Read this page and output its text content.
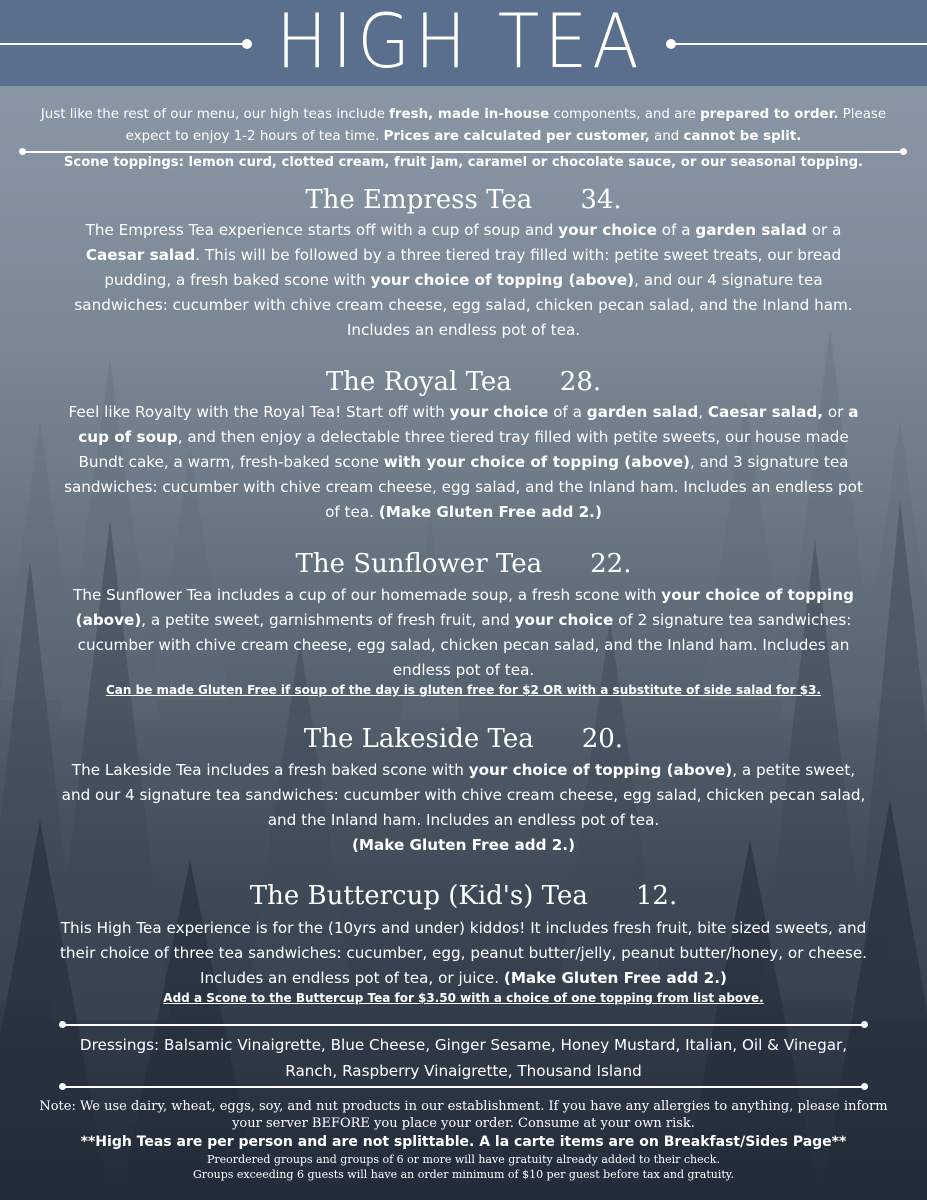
HIGH TEA
Just like the rest of our menu, our high teas include fresh, made in-house components, and are prepared to order. Please expect to enjoy 1-2 hours of tea time. Prices are calculated per customer, and cannot be split.
Scone toppings: lemon curd, clotted cream, fruit jam, caramel or chocolate sauce, or our seasonal topping.
The Empress Tea 34.
The Empress Tea experience starts off with a cup of soup and your choice of a garden salad or a Caesar salad. This will be followed by a three tiered tray filled with: petite sweet treats, our bread pudding, a fresh baked scone with your choice of topping (above), and our 4 signature tea sandwiches: cucumber with chive cream cheese, egg salad, chicken pecan salad, and the Inland ham. Includes an endless pot of tea.
The Royal Tea 28.
Feel like Royalty with the Royal Tea! Start off with your choice of a garden salad, Caesar salad, or a cup of soup, and then enjoy a delectable three tiered tray filled with petite sweets, our house made Bundt cake, a warm, fresh-baked scone with your choice of topping (above), and 3 signature tea sandwiches: cucumber with chive cream cheese, egg salad, and the Inland ham. Includes an endless pot of tea. (Make Gluten Free add 2.)
The Sunflower Tea 22.
The Sunflower Tea includes a cup of our homemade soup, a fresh scone with your choice of topping (above), a petite sweet, garnishments of fresh fruit, and your choice of 2 signature tea sandwiches: cucumber with chive cream cheese, egg salad, chicken pecan salad, and the Inland ham. Includes an endless pot of tea.
Can be made Gluten Free if soup of the day is gluten free for $2 OR with a substitute of side salad for $3.
The Lakeside Tea 20.
The Lakeside Tea includes a fresh baked scone with your choice of topping (above), a petite sweet, and our 4 signature tea sandwiches: cucumber with chive cream cheese, egg salad, chicken pecan salad, and the Inland ham. Includes an endless pot of tea.
(Make Gluten Free add 2.)
The Buttercup (Kid's) Tea 12.
This High Tea experience is for the (10yrs and under) kiddos! It includes fresh fruit, bite sized sweets, and their choice of three tea sandwiches: cucumber, egg, peanut butter/jelly, peanut butter/honey, or cheese. Includes an endless pot of tea, or juice. (Make Gluten Free add 2.)
Add a Scone to the Buttercup Tea for $3.50 with a choice of one topping from list above.
Dressings: Balsamic Vinaigrette, Blue Cheese, Ginger Sesame, Honey Mustard, Italian, Oil & Vinegar, Ranch, Raspberry Vinaigrette, Thousand Island
Note: We use dairy, wheat, eggs, soy, and nut products in our establishment. If you have any allergies to anything, please inform your server BEFORE you place your order. Consume at your own risk.
**High Teas are per person and are not splittable. A la carte items are on Breakfast/Sides Page**
Preordered groups and groups of 6 or more will have gratuity already added to their check.
Groups exceeding 6 guests will have an order minimum of $10 per guest before tax and gratuity.
